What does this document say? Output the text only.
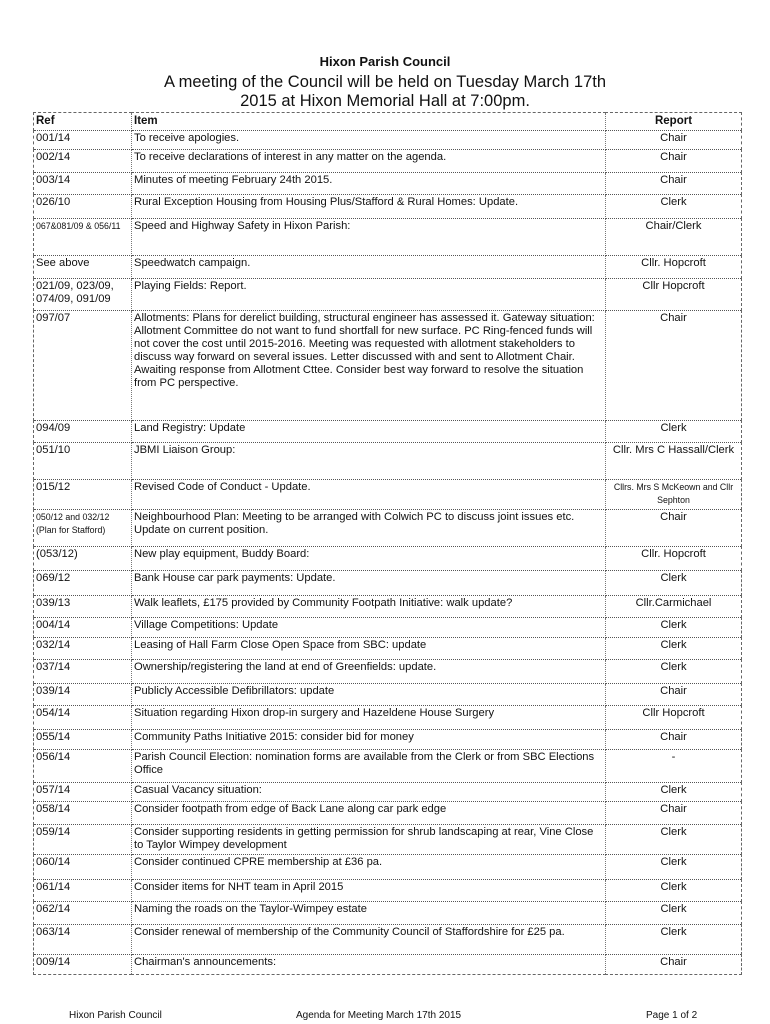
Hixon Parish Council
A meeting of the Council will be held on Tuesday March 17th
2015 at Hixon Memorial Hall at 7:00pm.
Ref	Item	Report
001/14	To receive apologies.	Chair
002/14	To receive declarations of interest in any matter on the agenda.	Chair
003/14	Minutes of meeting February 24th 2015.	Chair
026/10	Rural Exception Housing from Housing Plus/Stafford & Rural Homes: Update.	Clerk
067&081/09 & 056/11	Speed and Highway Safety in Hixon Parish:	Chair/Clerk
See above	Speedwatch campaign.	Cllr. Hopcroft
021/09, 023/09, 074/09, 091/09	Playing Fields: Report.	Cllr Hopcroft
097/07	Allotments: Plans for derelict building, structural engineer has assessed it. Gateway situation: Allotment Committee do not want to fund shortfall for new surface. PC Ring-fenced funds will not cover the cost until 2015-2016. Meeting was requested with allotment stakeholders to discuss way forward on several issues. Letter discussed with and sent to Allotment Chair. Awaiting response from Allotment Cttee. Consider best way forward to resolve the situation from PC perspective.	Chair
094/09	Land Registry: Update	Clerk
051/10	JBMI Liaison Group:	Cllr. Mrs C Hassall/Clerk
015/12	Revised Code of Conduct - Update.	Cllrs. Mrs S McKeown and Cllr Sephton
050/12 and 032/12 (Plan for Stafford)	Neighbourhood Plan: Meeting to be arranged with Colwich PC to discuss joint issues etc. Update on current position.	Chair
(053/12)	New play equipment, Buddy Board:	Cllr. Hopcroft
069/12	Bank House car park payments: Update.	Clerk
039/13	Walk leaflets, £175 provided by Community Footpath Initiative: walk update?	Cllr.Carmichael
004/14	Village Competitions: Update	Clerk
032/14	Leasing of Hall Farm Close Open Space from SBC: update	Clerk
037/14	Ownership/registering the land at end of Greenfields: update.	Clerk
039/14	Publicly Accessible Defibrillators: update	Chair
054/14	Situation regarding Hixon drop-in surgery and Hazeldene House Surgery	Cllr Hopcroft
055/14	Community Paths Initiative 2015: consider bid for money	Chair
056/14	Parish Council Election: nomination forms are available from the Clerk or from SBC Elections Office	-
057/14	Casual Vacancy situation:	Clerk
058/14	Consider footpath from edge of Back Lane along car park edge	Chair
059/14	Consider supporting residents in getting permission for shrub landscaping at rear, Vine Close to Taylor Wimpey development	Clerk
060/14	Consider continued CPRE membership at £36 pa.	Clerk
061/14	Consider items for NHT team in April 2015	Clerk
062/14	Naming the roads on the Taylor-Wimpey estate	Clerk
063/14	Consider renewal of membership of the Community Council of Staffordshire for £25 pa.	Clerk
009/14	Chairman's announcements:	Chair
Hixon Parish Council	Agenda for Meeting March 17th 2015	Page 1 of 2
